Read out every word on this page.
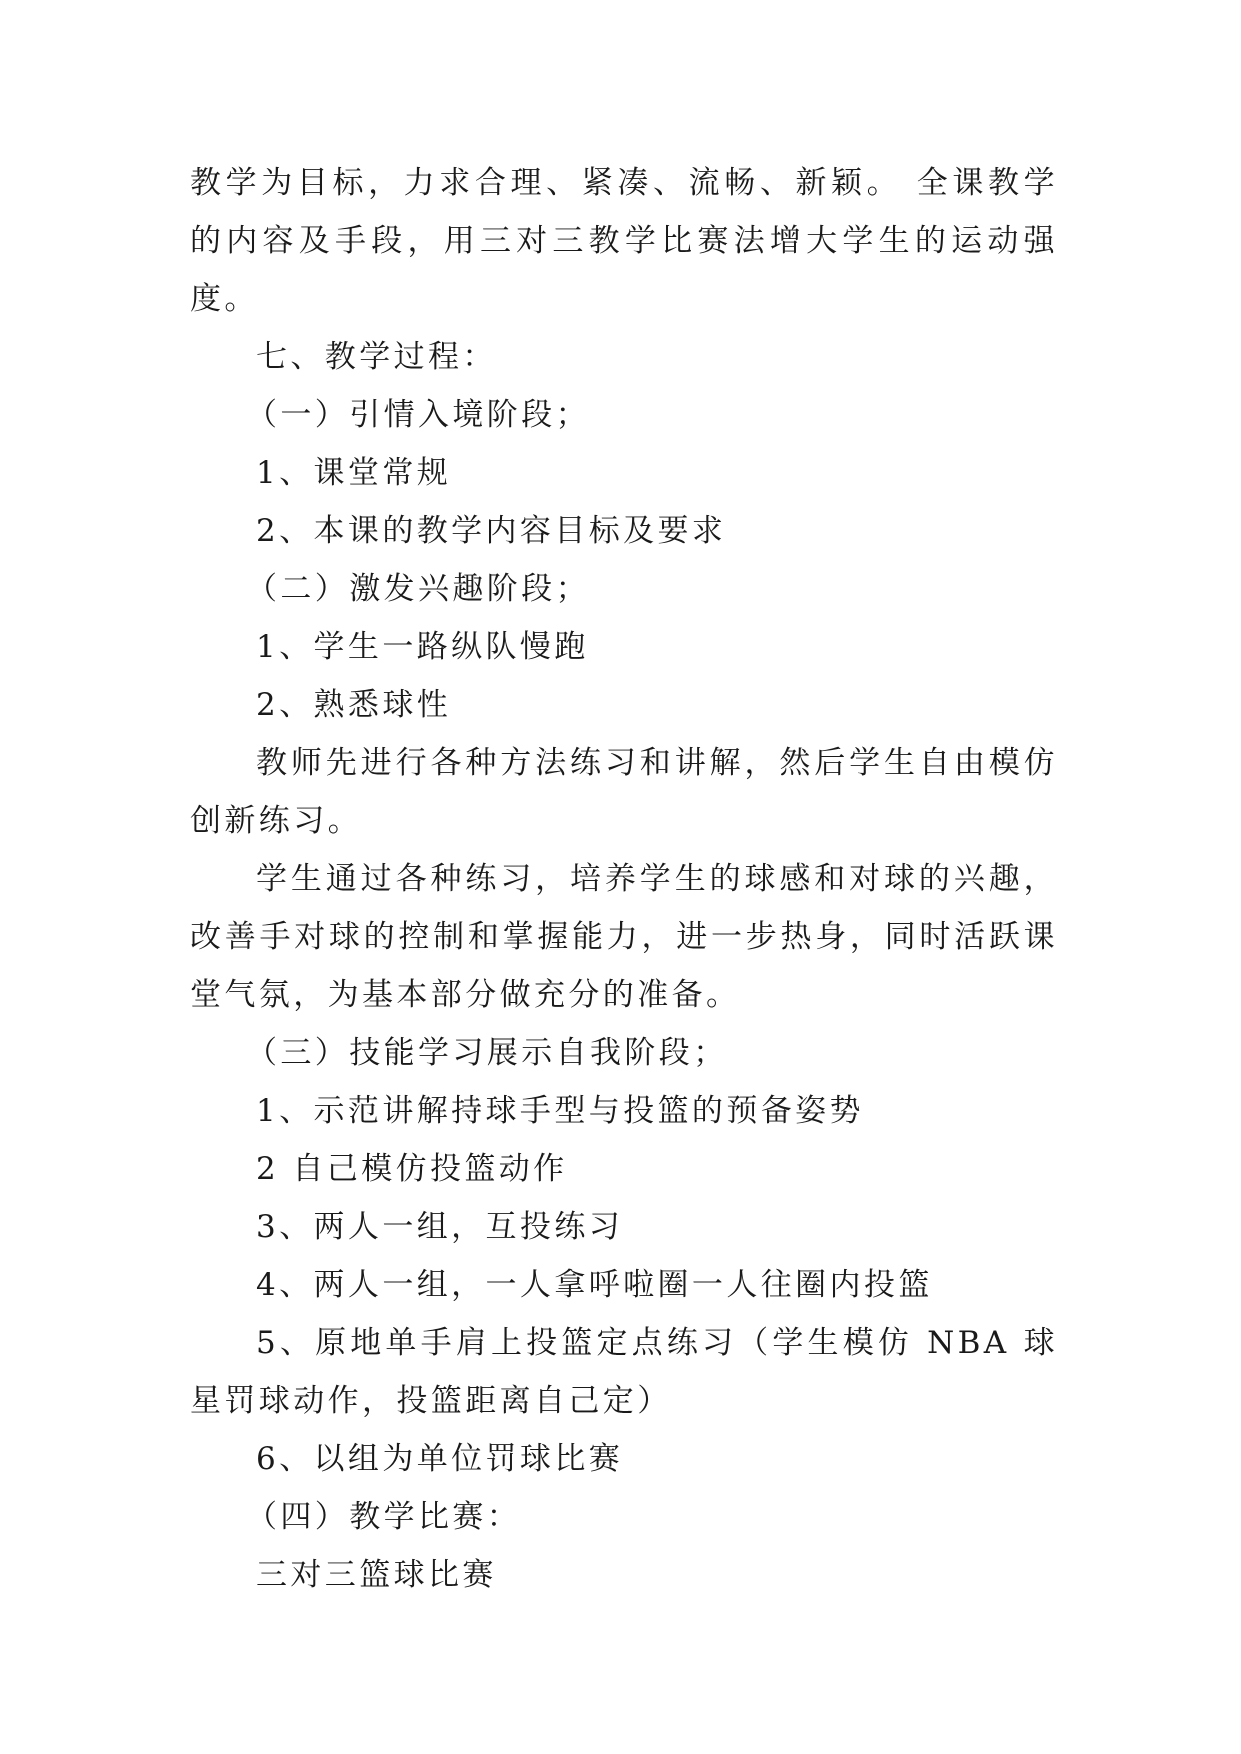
教学为目标，力求合理、紧凑、流畅、新颖。 全课教学的内容及手段，用三对三教学比赛法增大学生的运动强度。

七、教学过程：

（一）引情入境阶段；

1、课堂常规

2、本课的教学内容目标及要求

（二）激发兴趣阶段；

1、学生一路纵队慢跑

2、熟悉球性

教师先进行各种方法练习和讲解，然后学生自由模仿创新练习。

学生通过各种练习，培养学生的球感和对球的兴趣，改善手对球的控制和掌握能力，进一步热身，同时活跃课堂气氛，为基本部分做充分的准备。

（三）技能学习展示自我阶段；

1、示范讲解持球手型与投篮的预备姿势

2 自己模仿投篮动作

3、两人一组，互投练习

4、两人一组，一人拿呼啦圈一人往圈内投篮

5、原地单手肩上投篮定点练习（学生模仿 NBA 球星罚球动作，投篮距离自己定）

6、以组为单位罚球比赛

（四）教学比赛：

三对三篮球比赛
